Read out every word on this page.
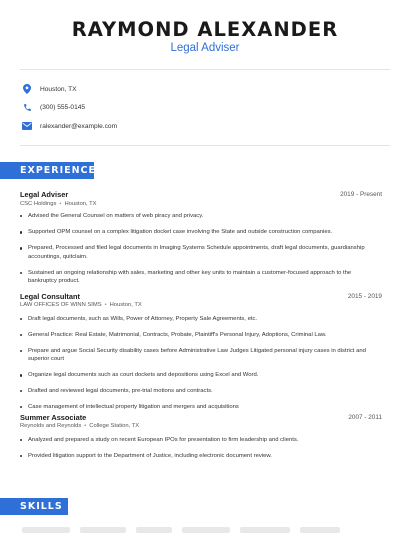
RAYMOND ALEXANDER
Legal Adviser
Houston, TX
(300) 555-0145
ralexander@example.com
EXPERIENCE
Legal Adviser	2019 - Present
CSC Holdings • Houston, TX
Advised the General Counsel on matters of web piracy and privacy.
Supported OPM counsel on a complex litigation docket case involving the State and outside construction companies.
Prepared, Processed and filed legal documents in Imaging Systems Schedule appointments, draft legal documents, guardianship accountings, quitclaim.
Sustained an ongoing relationship with sales, marketing and other key units to maintain a customer-focused approach to the bankruptcy product.
Legal Consultant	2015 - 2019
LAW OFFICES OF WINN SIMS • Houston, TX
Draft legal documents, such as Wills, Power of Attorney, Property Sale Agreements, etc.
General Practice: Real Estate, Matrimonial, Contracts, Probate, Plaintiff's Personal Injury, Adoptions, Criminal Law.
Prepare and argue Social Security disability cases before Administrative Law Judges Litigated personal injury cases in district and superior court
Organize legal documents such as court dockets and depositions using Excel and Word.
Drafted and reviewed legal documents, pre-trial motions and contracts.
Case management of intellectual property litigation and mergers and acquisitions
Summer Associate	2007 - 2011
Reynolds and Reynolds • College Station, TX
Analyzed and prepared a study on recent European IPOs for presentation to firm leadership and clients.
Provided litigation support to the Department of Justice, including electronic document review.
SKILLS
